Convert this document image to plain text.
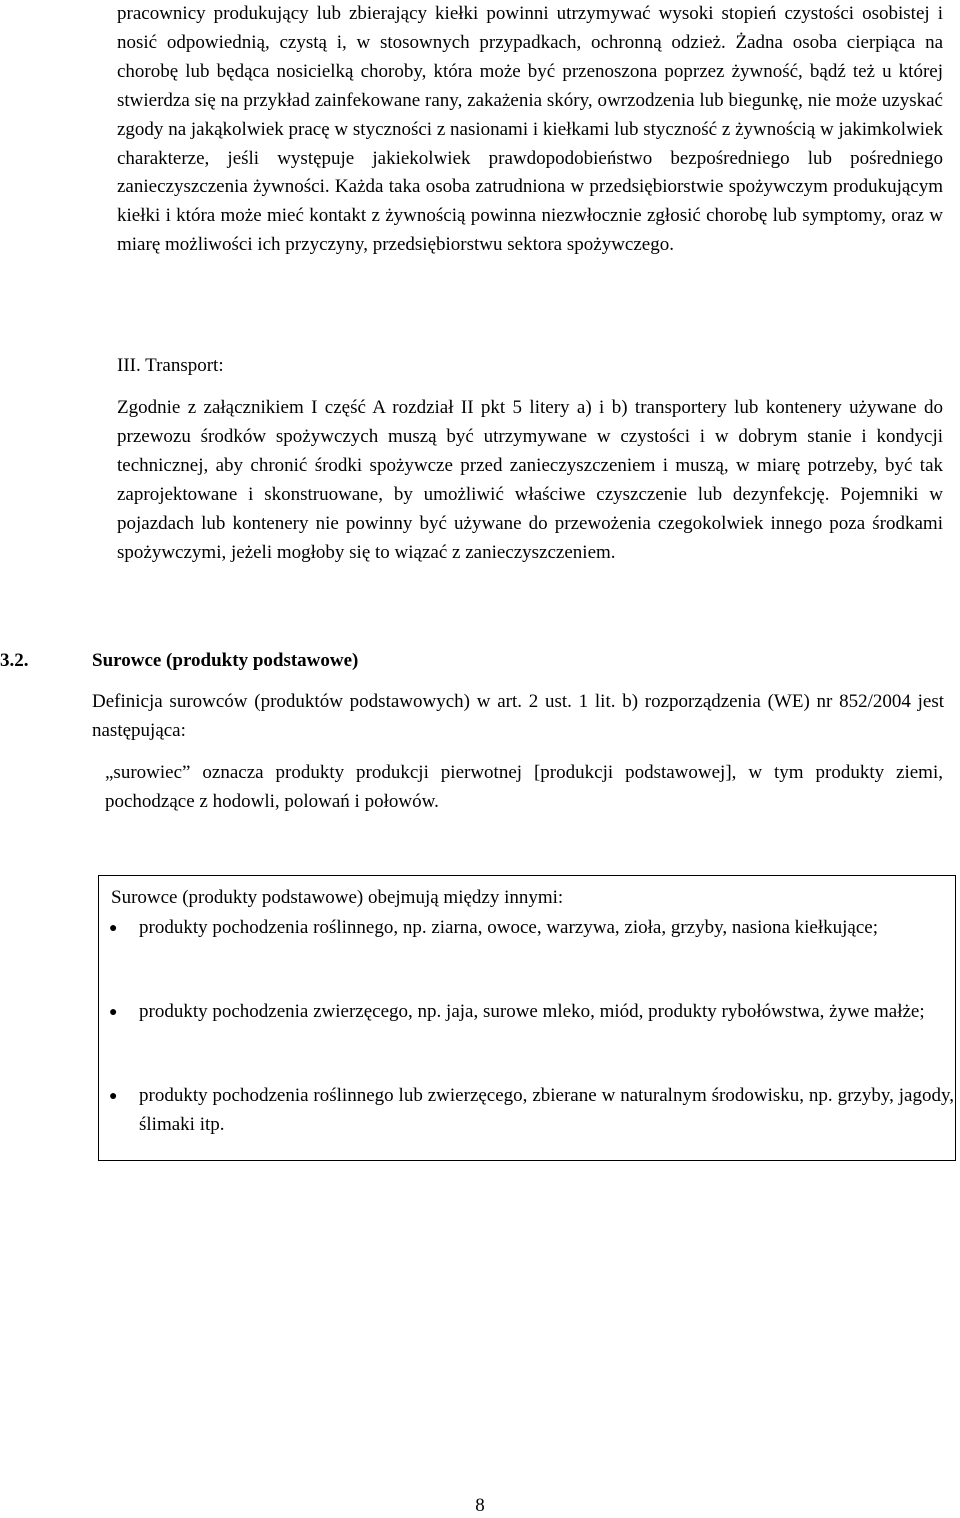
pracownicy produkujący lub zbierający kiełki powinni utrzymywać wysoki stopień czystości osobistej i nosić odpowiednią, czystą i, w stosownych przypadkach, ochronną odzież. Żadna osoba cierpiąca na chorobę lub będąca nosicielką choroby, która może być przenoszona poprzez żywność, bądź też u której stwierdza się na przykład zainfekowane rany, zakażenia skóry, owrzodzenia lub biegunkę, nie może uzyskać zgody na jakąkolwiek pracę w styczności z nasionami i kiełkami lub styczność z żywnością w jakimkolwiek charakterze, jeśli występuje jakiekolwiek prawdopodobieństwo bezpośredniego lub pośredniego zanieczyszczenia żywności. Każda taka osoba zatrudniona w przedsiębiorstwie spożywczym produkującym kiełki i która może mieć kontakt z żywnością powinna niezwłocznie zgłosić chorobę lub symptomy, oraz w miarę możliwości ich przyczyny, przedsiębiorstwu sektora spożywczego.

III. Transport:

Zgodnie z załącznikiem I część A rozdział II pkt 5 litery a) i b) transportery lub kontenery używane do przewozu środków spożywczych muszą być utrzymywane w czystości i w dobrym stanie i kondycji technicznej, aby chronić środki spożywcze przed zanieczyszczeniem i muszą, w miarę potrzeby, być tak zaprojektowane i skonstruowane, by umożliwić właściwe czyszczenie lub dezynfekcję. Pojemniki w pojazdach lub kontenery nie powinny być używane do przewożenia czegokolwiek innego poza środkami spożywczymi, jeżeli mogłoby się to wiązać z zanieczyszczeniem.

3.2.	Surowce (produkty podstawowe)

Definicja surowców (produktów podstawowych) w art. 2 ust. 1 lit. b) rozporządzenia (WE) nr 852/2004 jest następująca:

„surowiec” oznacza produkty produkcji pierwotnej [produkcji podstawowej], w tym produkty ziemi, pochodzące z hodowli, polowań i połowów.

Surowce (produkty podstawowe) obejmują między innymi:

● produkty pochodzenia roślinnego, np. ziarna, owoce, warzywa, zioła, grzyby, nasiona kiełkujące;

● produkty pochodzenia zwierzęcego, np. jaja, surowe mleko, miód, produkty rybołówstwa, żywe małże;

● produkty pochodzenia roślinnego lub zwierzęcego, zbierane w naturalnym środowisku, np. grzyby, jagody, ślimaki itp.

8
